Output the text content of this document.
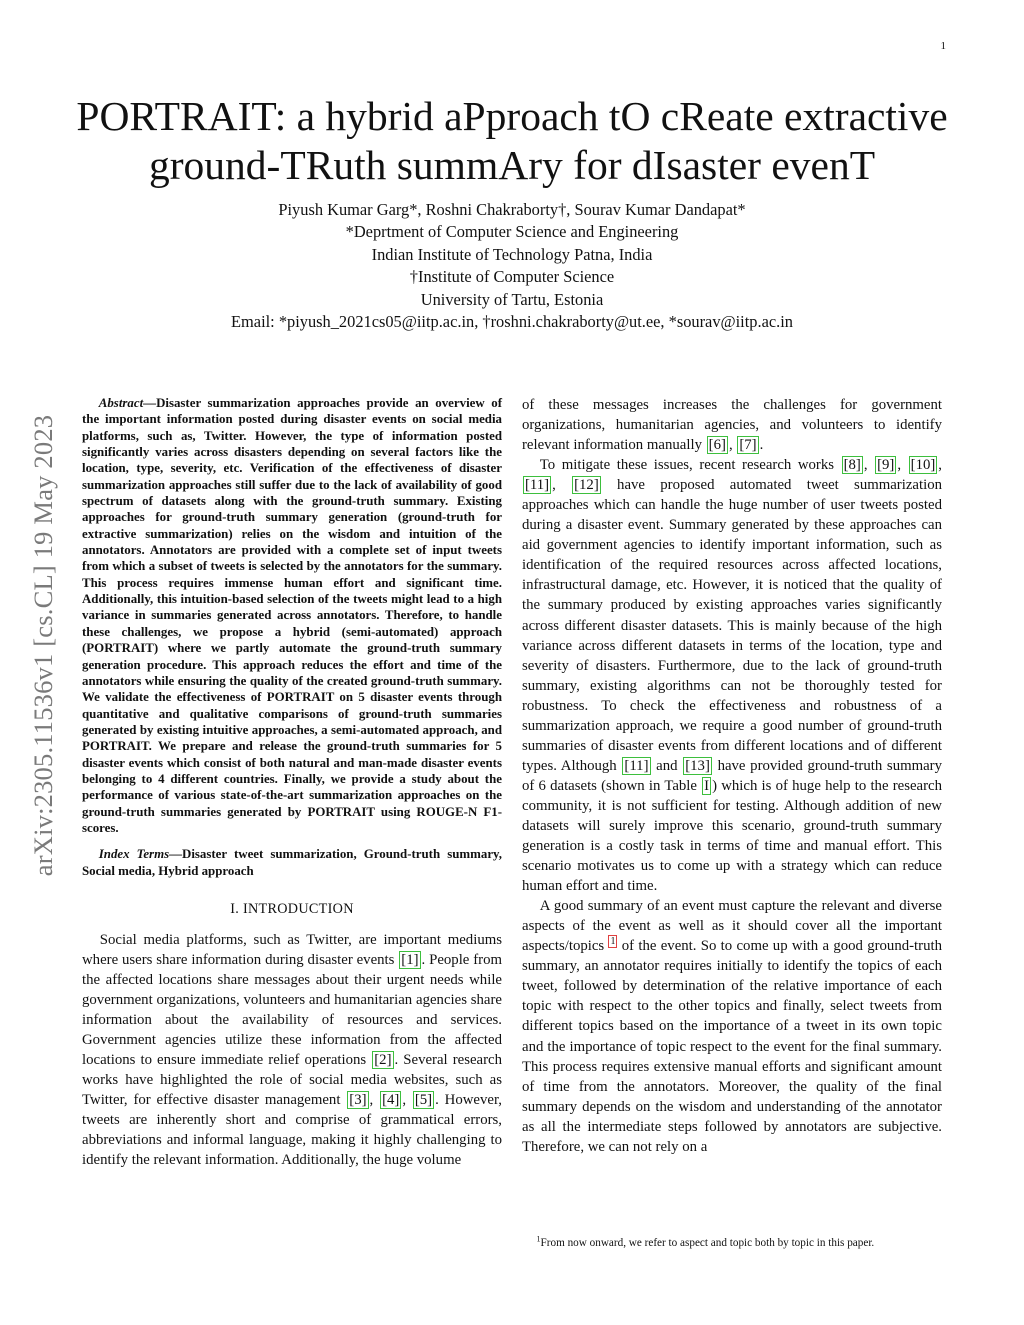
1
arXiv:2305.11536v1 [cs.CL] 19 May 2023
PORTRAIT: a hybrid aPproach tO cReate extractive
ground-TRuth summAry for dIsaster evenT
Piyush Kumar Garg*, Roshni Chakraborty†, Sourav Kumar Dandapat*
*Deprtment of Computer Science and Engineering
Indian Institute of Technology Patna, India
†Institute of Computer Science
University of Tartu, Estonia
Email: *piyush_2021cs05@iitp.ac.in, †roshni.chakraborty@ut.ee, *sourav@iitp.ac.in

Abstract—Disaster summarization approaches provide an overview of the important information posted during disaster events on social media platforms, such as, Twitter. However, the type of information posted significantly varies across disasters depending on several factors like the location, type, severity, etc. Verification of the effectiveness of disaster summarization approaches still suffer due to the lack of availability of good spectrum of datasets along with the ground-truth summary. Existing approaches for ground-truth summary generation (ground-truth for extractive summarization) relies on the wisdom and intuition of the annotators. Annotators are provided with a complete set of input tweets from which a subset of tweets is selected by the annotators for the summary. This process requires immense human effort and significant time. Additionally, this intuition-based selection of the tweets might lead to a high variance in summaries generated across annotators. Therefore, to handle these challenges, we propose a hybrid (semi-automated) approach (PORTRAIT) where we partly automate the ground-truth summary generation procedure. This approach reduces the effort and time of the annotators while ensuring the quality of the created ground-truth summary. We validate the effectiveness of PORTRAIT on 5 disaster events through quantitative and qualitative comparisons of ground-truth summaries generated by existing intuitive approaches, a semi-automated approach, and PORTRAIT. We prepare and release the ground-truth summaries for 5 disaster events which consist of both natural and man-made disaster events belonging to 4 different countries. Finally, we provide a study about the performance of various state-of-the-art summarization approaches on the ground-truth summaries generated by PORTRAIT using ROUGE-N F1-scores.

Index Terms—Disaster tweet summarization, Ground-truth summary, Social media, Hybrid approach

I. INTRODUCTION

Social media platforms, such as Twitter, are important mediums where users share information during disaster events [1] . People from the affected locations share messages about their urgent needs while government organizations, volunteers and humanitarian agencies share information about the availability of resources and services. Government agencies utilize these information from the affected locations to ensure immediate relief operations [2] . Several research works have highlighted the role of social media websites, such as Twitter, for effective disaster management [3] , [4] , [5] . However, tweets are inherently short and comprise of grammatical errors, abbreviations and informal language, making it highly challenging to identify the relevant information. Additionally, the huge volume

of these messages increases the challenges for government organizations, humanitarian agencies, and volunteers to identify relevant information manually [6] , [7] .

To mitigate these issues, recent research works [8] , [9] , [10] , [11] , [12] have proposed automated tweet summarization approaches which can handle the huge number of user tweets posted during a disaster event. Summary generated by these approaches can aid government agencies to identify important information, such as identification of the required resources across affected locations, infrastructural damage, etc. However, it is noticed that the quality of the summary produced by existing approaches varies significantly across different disaster datasets. This is mainly because of the high variance across different datasets in terms of the location, type and severity of disasters. Furthermore, due to the lack of ground-truth summary, existing algorithms can not be thoroughly tested for robustness. To check the effectiveness and robustness of a summarization approach, we require a good number of ground-truth summaries of disaster events from different locations and of different types. Although [11] and [13] have provided ground-truth summary of 6 datasets (shown in Table I ) which is of huge help to the research community, it is not sufficient for testing. Although addition of new datasets will surely improve this scenario, ground-truth summary generation is a costly task in terms of time and manual effort. This scenario motivates us to come up with a strategy which can reduce human effort and time.

A good summary of an event must capture the relevant and diverse aspects of the event as well as it should cover all the important aspects/topics $^1$ of the event. So to come up with a good ground-truth summary, an annotator requires initially to identify the topics of each tweet, followed by determination of the relative importance of each topic with respect to the other topics and finally, select tweets from different topics based on the importance of a tweet in its own topic and the importance of topic respect to the event for the final summary. This process requires extensive manual efforts and significant amount of time from the annotators. Moreover, the quality of the final summary depends on the wisdom and understanding of the annotator as all the intermediate steps followed by annotators are subjective. Therefore, we can not rely on a

$^1$From now onward, we refer to aspect and topic both by topic in this paper.
